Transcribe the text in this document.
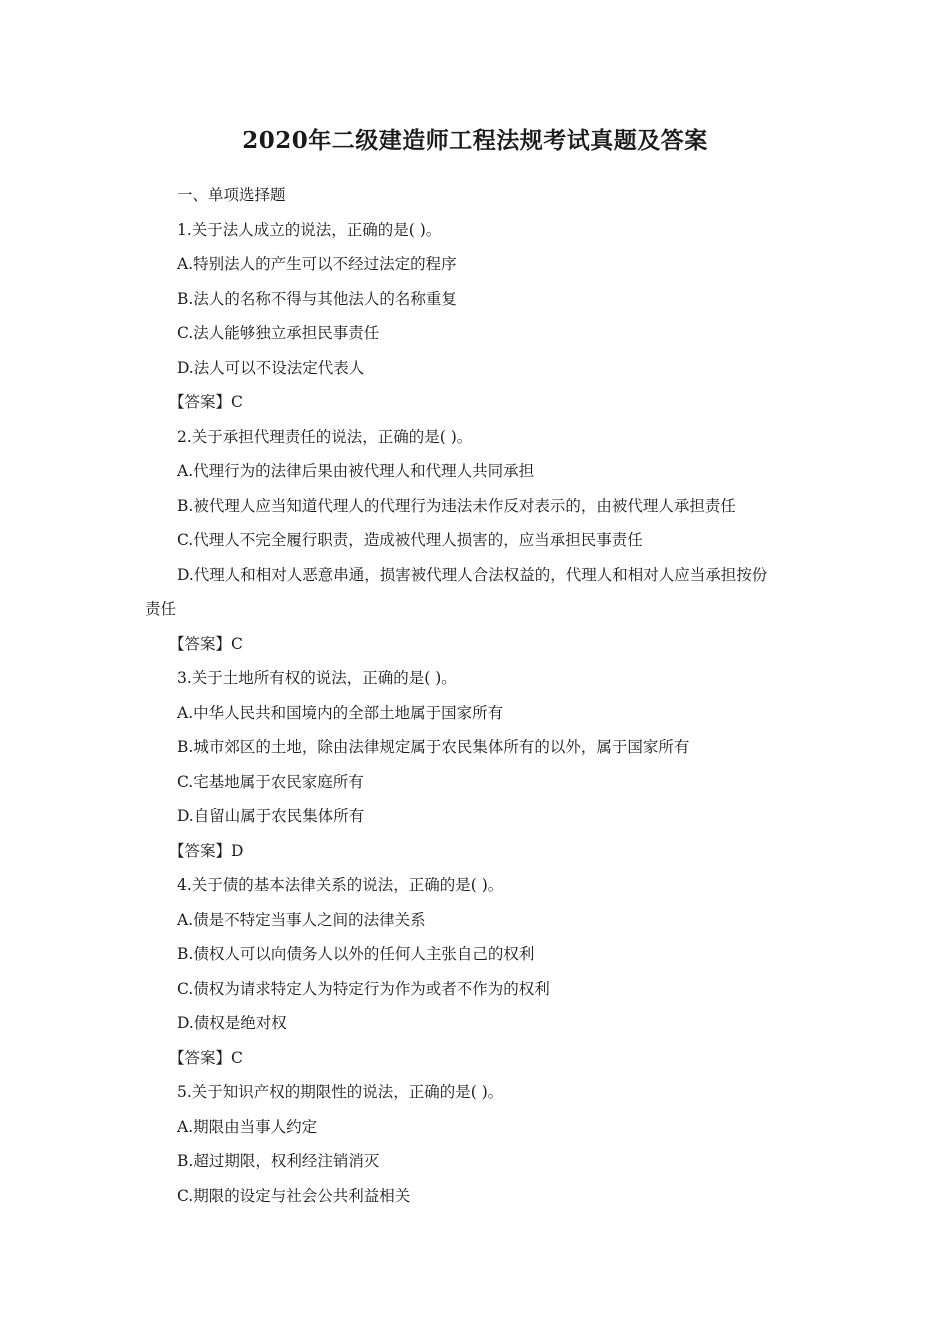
2020年二级建造师工程法规考试真题及答案

一、单项选择题

1.关于法人成立的说法，正确的是( )。

A.特别法人的产生可以不经过法定的程序

B.法人的名称不得与其他法人的名称重复

C.法人能够独立承担民事责任

D.法人可以不设法定代表人

【答案】C

2.关于承担代理责任的说法，正确的是( )。

A.代理行为的法律后果由被代理人和代理人共同承担

B.被代理人应当知道代理人的代理行为违法未作反对表示的，由被代理人承担责任

C.代理人不完全履行职责，造成被代理人损害的，应当承担民事责任

D.代理人和相对人恶意串通，损害被代理人合法权益的，代理人和相对人应当承担按份

责任

【答案】C

3.关于土地所有权的说法，正确的是( )。

A.中华人民共和国境内的全部土地属于国家所有

B.城市郊区的土地，除由法律规定属于农民集体所有的以外，属于国家所有

C.宅基地属于农民家庭所有

D.自留山属于农民集体所有

【答案】D

4.关于债的基本法律关系的说法，正确的是( )。

A.债是不特定当事人之间的法律关系

B.债权人可以向债务人以外的任何人主张自己的权利

C.债权为请求特定人为特定行为作为或者不作为的权利

D.债权是绝对权

【答案】C

5.关于知识产权的期限性的说法，正确的是( )。

A.期限由当事人约定

B.超过期限，权利经注销消灭

C.期限的设定与社会公共利益相关
